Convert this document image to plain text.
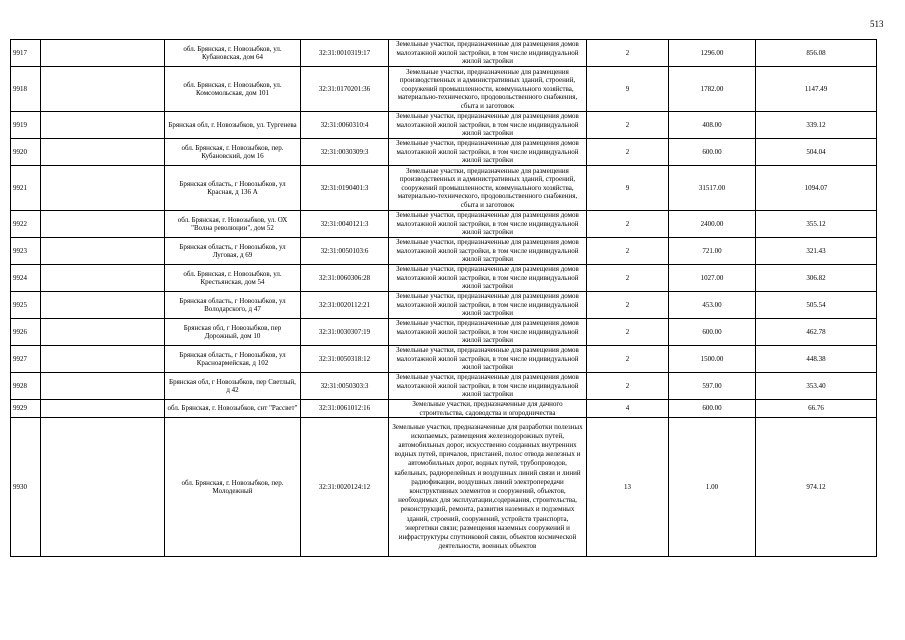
513
9917		обл. Брянская, г. Новозыбков, ул. Кубановская, дом 64	32:31:0010319:17	Земельные участки, предназначенные для размещения домов малоэтажной жилой застройки, в том числе индивидуальной жилой застройки	2	1296.00	856.08	
9918		обл. Брянская, г. Новозыбков, ул. Комсомольская, дом 101	32:31:0170201:36	Земельные участки, предназначенные для размещения производственных и административных зданий, строений, сооружений промышленности, коммунального хозяйства, материально-технического, продовольственного снабжения, сбыта и заготовок	9	1782.00	1147.49	
9919		Брянская обл, г. Новозыбков, ул. Тургенева	32:31:0060310:4	Земельные участки, предназначенные для размещения домов малоэтажной жилой застройки, в том числе индивидуальной жилой застройки	2	408.00	339.12	
9920		обл. Брянская, г. Новозыбков, пер. Кубановский, дом 16	32:31:0030309:3	Земельные участки, предназначенные для размещения домов малоэтажной жилой застройки, в том числе индивидуальной жилой застройки	2	600.00	504.04	
9921		Брянская область, г Новозыбков, ул Красная, д 136 А	32:31:0190401:3	Земельные участки, предназначенные для размещения производственных и административных зданий, строений, сооружений промышленности, коммунального хозяйства, материально-технического, продовольственного снабжения, сбыта и заготовок	9	31517.00	1094.07	
9922		обл. Брянская, г. Новозыбков, ул. ОХ "Волна революции", дом 52	32:31:0040121:3	Земельные участки, предназначенные для размещения домов малоэтажной жилой застройки, в том числе индивидуальной жилой застройки	2	2400.00	355.12	
9923		Брянская область, г Новозыбков, ул Луговая, д 69	32:31:0050103:6	Земельные участки, предназначенные для размещения домов малоэтажной жилой застройки, в том числе индивидуальной жилой застройки	2	721.00	321.43	
9924		обл. Брянская, г. Новозыбков, ул. Крестьянская, дом 54	32:31:0060306:28	Земельные участки, предназначенные для размещения домов малоэтажной жилой застройки, в том числе индивидуальной жилой застройки	2	1027.00	306.82	
9925		Брянская область, г Новозыбков, ул Володарского, д 47	32:31:0020112:21	Земельные участки, предназначенные для размещения домов малоэтажной жилой застройки, в том числе индивидуальной жилой застройки	2	453.00	505.54	
9926		Брянская обл, г Новозыбков, пер Дорожный, дом 10	32:31:0030307:19	Земельные участки, предназначенные для размещения домов малоэтажной жилой застройки, в том числе индивидуальной жилой застройки	2	600.00	462.78	
9927		Брянская область, г Новозыбков, ул Красноармейская, д 102	32:31:0050318:12	Земельные участки, предназначенные для размещения домов малоэтажной жилой застройки, в том числе индивидуальной жилой застройки	2	1500.00	448.38	
9928		Брянская обл, г Новозыбков, пер Светлый, д 42	32:31:0050303:3	Земельные участки, предназначенные для размещения домов малоэтажной жилой застройки, в том числе индивидуальной жилой застройки	2	597.00	353.40	
9929		обл. Брянская, г. Новозыбков, снт "Рассвет"	32:31:0061012:16	Земельные участки, предназначенные для дачного строительства, садоводства и огородничества	4	600.00	66.76	
9930		обл. Брянская, г. Новозыбков, пер. Молодежный	32:31:0020124:12	Земельные участки, предназначенные для разработки полезных ископаемых, размещения железнодорожных путей, автомобильных дорог, искусственно созданных внутренних водных путей, причалов, пристаней, полос отвода железных и автомобильных дорог, водных путей, трубопроводов, кабельных, радиорелейных и воздушных линий связи и линий радиофикации, воздушных линий электропередачи конструктивных элементов и сооружений, объектов, необходимых для эксплуатации,содержания, строительства, реконструкций, ремонта, развития наземных и подземных зданий, строений, сооружений, устройств транспорта, энергетики связи; размещения наземных сооружений и инфраструктуры спутниковой связи, объектов космической деятельности, военных объектов	13	1.00	974.12	
